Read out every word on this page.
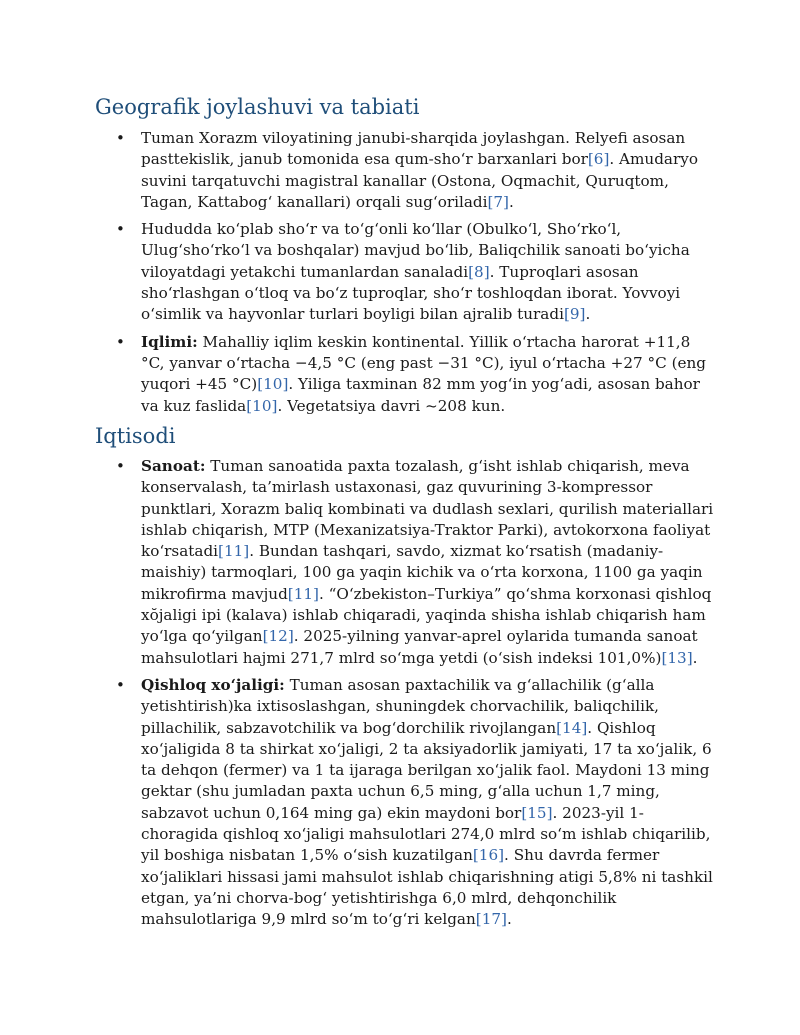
Geografik joylashuvi va tabiati
• Tuman Xorazm viloyatining janubi-sharqida joylashgan. Relyefi asosan pasttekislik, janub tomonida esa qum-sho‘r barxanlari bor[6]. Amudaryo suvini tarqatuvchi magistral kanallar (Ostona, Oqmachit, Quruqtom, Tagan, Kattabog‘ kanallari) orqali sug‘oriladi[7].
• Hududda ko‘plab sho‘r va to‘g‘onli ko‘llar (Obulko‘l, Sho‘rko‘l, Ulug‘sho‘rko‘l va boshqalar) mavjud bo‘lib, Baliqchilik sanoati bo‘yicha viloyatdagi yetakchi tumanlardan sanaladi[8]. Tuproqlari asosan sho‘rlashgan o‘tloq va bo‘z tuproqlar, sho‘r toshloqdan iborat. Yovvoyi o‘simlik va hayvonlar turlari boyligi bilan ajralib turadi[9].
• Iqlimi: Mahalliy iqlim keskin kontinental. Yillik o‘rtacha harorat +11,8 °C, yanvar o‘rtacha −4,5 °C (eng past −31 °C), iyul o‘rtacha +27 °C (eng yuqori +45 °C)[10]. Yiliga taxminan 82 mm yog‘in yog‘adi, asosan bahor va kuz faslida[10]. Vegetatsiya davri ~208 kun.
Iqtisodi
• Sanoat: Tuman sanoatida paxta tozalash, g‘isht ishlab chiqarish, meva konservalash, ta’mirlash ustaxonasi, gaz quvurining 3-kompressor punktlari, Xorazm baliq kombinati va dudlash sexlari, qurilish materiallari ishlab chiqarish, MTP (Mexanizatsiya-Traktor Parki), avtokorxona faoliyat ko‘rsatadi[11]. Bundan tashqari, savdo, xizmat ko‘rsatish (madaniy-maishiy) tarmoqlari, 100 ga yaqin kichik va o‘rta korxona, 1100 ga yaqin mikrofirma mavjud[11]. “O‘zbekiston–Turkiya” qo‘shma korxonasi qishloq xŏjaligi ipi (kalava) ishlab chiqaradi, yaqinda shisha ishlab chiqarish ham yo‘lga qo‘yilgan[12]. 2025-yilning yanvar-aprel oylarida tumanda sanoat mahsulotlari hajmi 271,7 mlrd so‘mga yetdi (o‘sish indeksi 101,0%)[13].
• Qishloq xo‘jaligi: Tuman asosan paxtachilik va g‘allachilik (g‘alla yetishtirish)ka ixtisoslashgan, shuningdek chorvachilik, baliqchilik, pillachilik, sabzavotchilik va bog‘dorchilik rivojlangan[14]. Qishloq xo‘jaligida 8 ta shirkat xo‘jaligi, 2 ta aksiyadorlik jamiyati, 17 ta xo‘jalik, 6 ta dehqon (fermer) va 1 ta ijaraga berilgan xo‘jalik faol. Maydoni 13 ming gektar (shu jumladan paxta uchun 6,5 ming, g‘alla uchun 1,7 ming, sabzavot uchun 0,164 ming ga) ekin maydoni bor[15]. 2023-yil 1-choragida qishloq xo‘jaligi mahsulotlari 274,0 mlrd so‘m ishlab chiqarilib, yil boshiga nisbatan 1,5% o‘sish kuzatilgan[16]. Shu davrda fermer xo‘jaliklari hissasi jami mahsulot ishlab chiqarishning atigi 5,8% ni tashkil etgan, ya’ni chorva-bog‘ yetishtirishga 6,0 mlrd, dehqonchilik mahsulotlariga 9,9 mlrd so‘m to‘g‘ri kelgan[17].
